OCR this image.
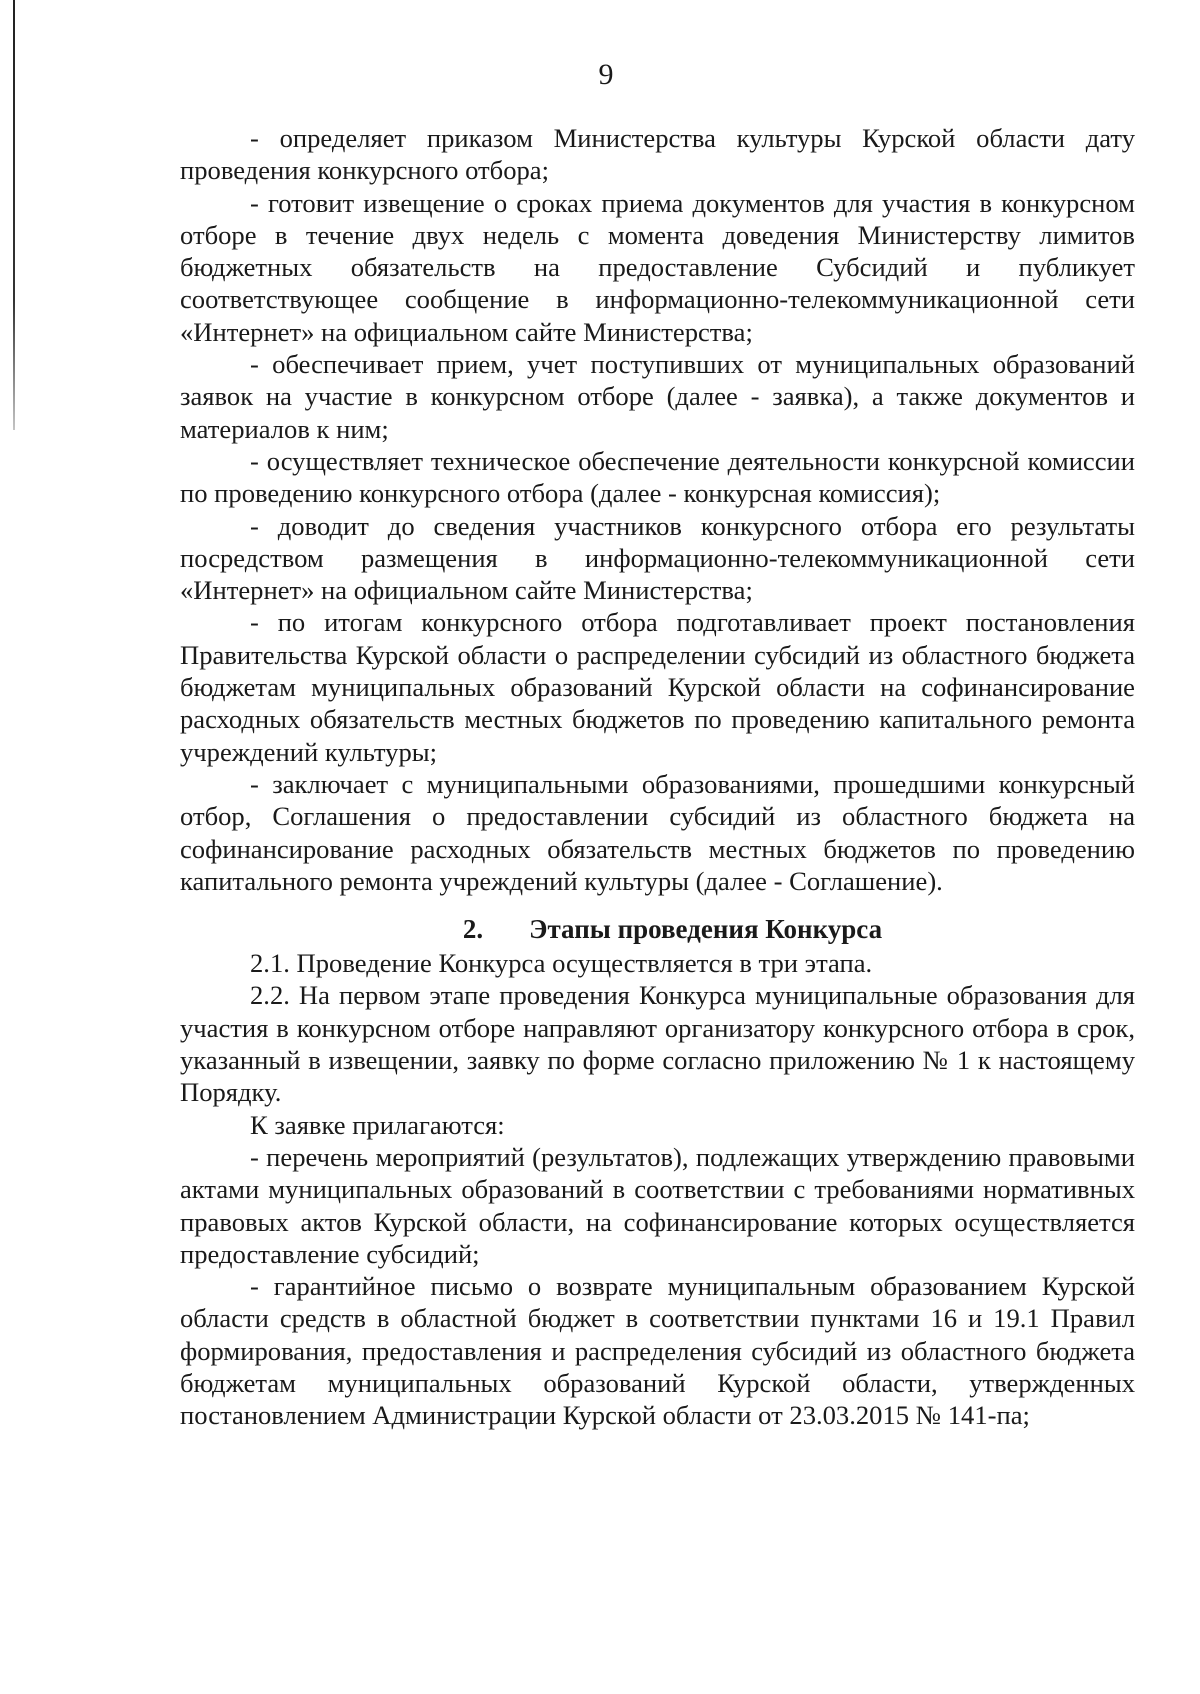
9

- определяет приказом Министерства культуры Курской области дату проведения конкурсного отбора;

- готовит извещение о сроках приема документов для участия в конкурсном отборе в течение двух недель с момента доведения Министерству лимитов бюджетных обязательств на предоставление Субсидий и публикует соответствующее сообщение в информационно-телекоммуникационной сети «Интернет» на официальном сайте Министерства;

- обеспечивает прием, учет поступивших от муниципальных образований заявок на участие в конкурсном отборе (далее - заявка), а также документов и материалов к ним;

- осуществляет техническое обеспечение деятельности конкурсной комиссии по проведению конкурсного отбора (далее - конкурсная комиссия);

- доводит до сведения участников конкурсного отбора его результаты посредством размещения в информационно-телекоммуникационной сети «Интернет» на официальном сайте Министерства;

- по итогам конкурсного отбора подготавливает проект постановления Правительства Курской области о распределении субсидий из областного бюджета бюджетам муниципальных образований Курской области на софинансирование расходных обязательств местных бюджетов по проведению капитального ремонта учреждений культуры;

- заключает с муниципальными образованиями, прошедшими конкурсный отбор, Соглашения о предоставлении субсидий из областного бюджета на софинансирование расходных обязательств местных бюджетов по проведению капитального ремонта учреждений культуры (далее - Соглашение).

2. Этапы проведения Конкурса

2.1. Проведение Конкурса осуществляется в три этапа.

2.2. На первом этапе проведения Конкурса муниципальные образования для участия в конкурсном отборе направляют организатору конкурсного отбора в срок, указанный в извещении, заявку по форме согласно приложению № 1 к настоящему Порядку.

К заявке прилагаются:

- перечень мероприятий (результатов), подлежащих утверждению правовыми актами муниципальных образований в соответствии с требованиями нормативных правовых актов Курской области, на софинансирование которых осуществляется предоставление субсидий;

- гарантийное письмо о возврате муниципальным образованием Курской области средств в областной бюджет в соответствии пунктами 16 и 19.1 Правил формирования, предоставления и распределения субсидий из областного бюджета бюджетам муниципальных образований Курской области, утвержденных постановлением Администрации Курской области от 23.03.2015 № 141-па;
